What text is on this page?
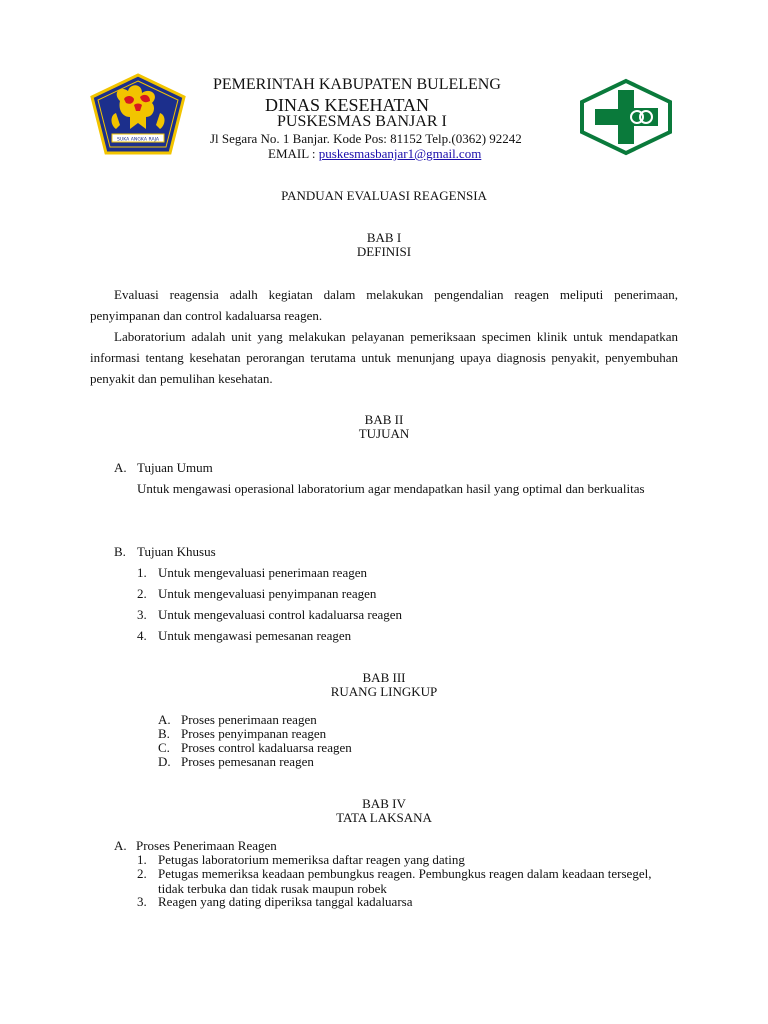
SUKA ANGKA RAJA
PEMERINTAH KABUPATEN BULELENG
DINAS KESEHATAN
PUSKESMAS BANJAR I
Jl Segara No. 1 Banjar. Kode Pos: 81152 Telp.(0362) 92242
EMAIL : puskesmasbanjar1@gmail.com
PANDUAN EVALUASI REAGENSIA
BAB I
DEFINISI
Evaluasi reagensia adalh kegiatan dalam melakukan pengendalian reagen meliputi penerimaan, penyimpanan dan control kadaluarsa reagen.
Laboratorium adalah unit yang melakukan pelayanan pemeriksaan specimen klinik untuk mendapatkan informasi tentang kesehatan perorangan terutama untuk menunjang upaya diagnosis penyakit, penyembuhan penyakit dan pemulihan kesehatan.
BAB II
TUJUAN
A. Tujuan Umum
Untuk mengawasi operasional laboratorium agar mendapatkan hasil yang optimal dan berkualitas
B. Tujuan Khusus
1. Untuk mengevaluasi penerimaan reagen
2. Untuk mengevaluasi penyimpanan reagen
3. Untuk mengevaluasi control kadaluarsa reagen
4. Untuk mengawasi pemesanan reagen
BAB III
RUANG LINGKUP
A. Proses penerimaan reagen
B. Proses penyimpanan reagen
C. Proses control kadaluarsa reagen
D. Proses pemesanan reagen
BAB IV
TATA LAKSANA
A. Proses Penerimaan Reagen
1. Petugas laboratorium memeriksa daftar reagen yang dating
2. Petugas memeriksa keadaan pembungkus reagen. Pembungkus reagen dalam keadaan tersegel, tidak terbuka dan tidak rusak maupun robek
3. Reagen yang dating diperiksa tanggal kadaluarsa
